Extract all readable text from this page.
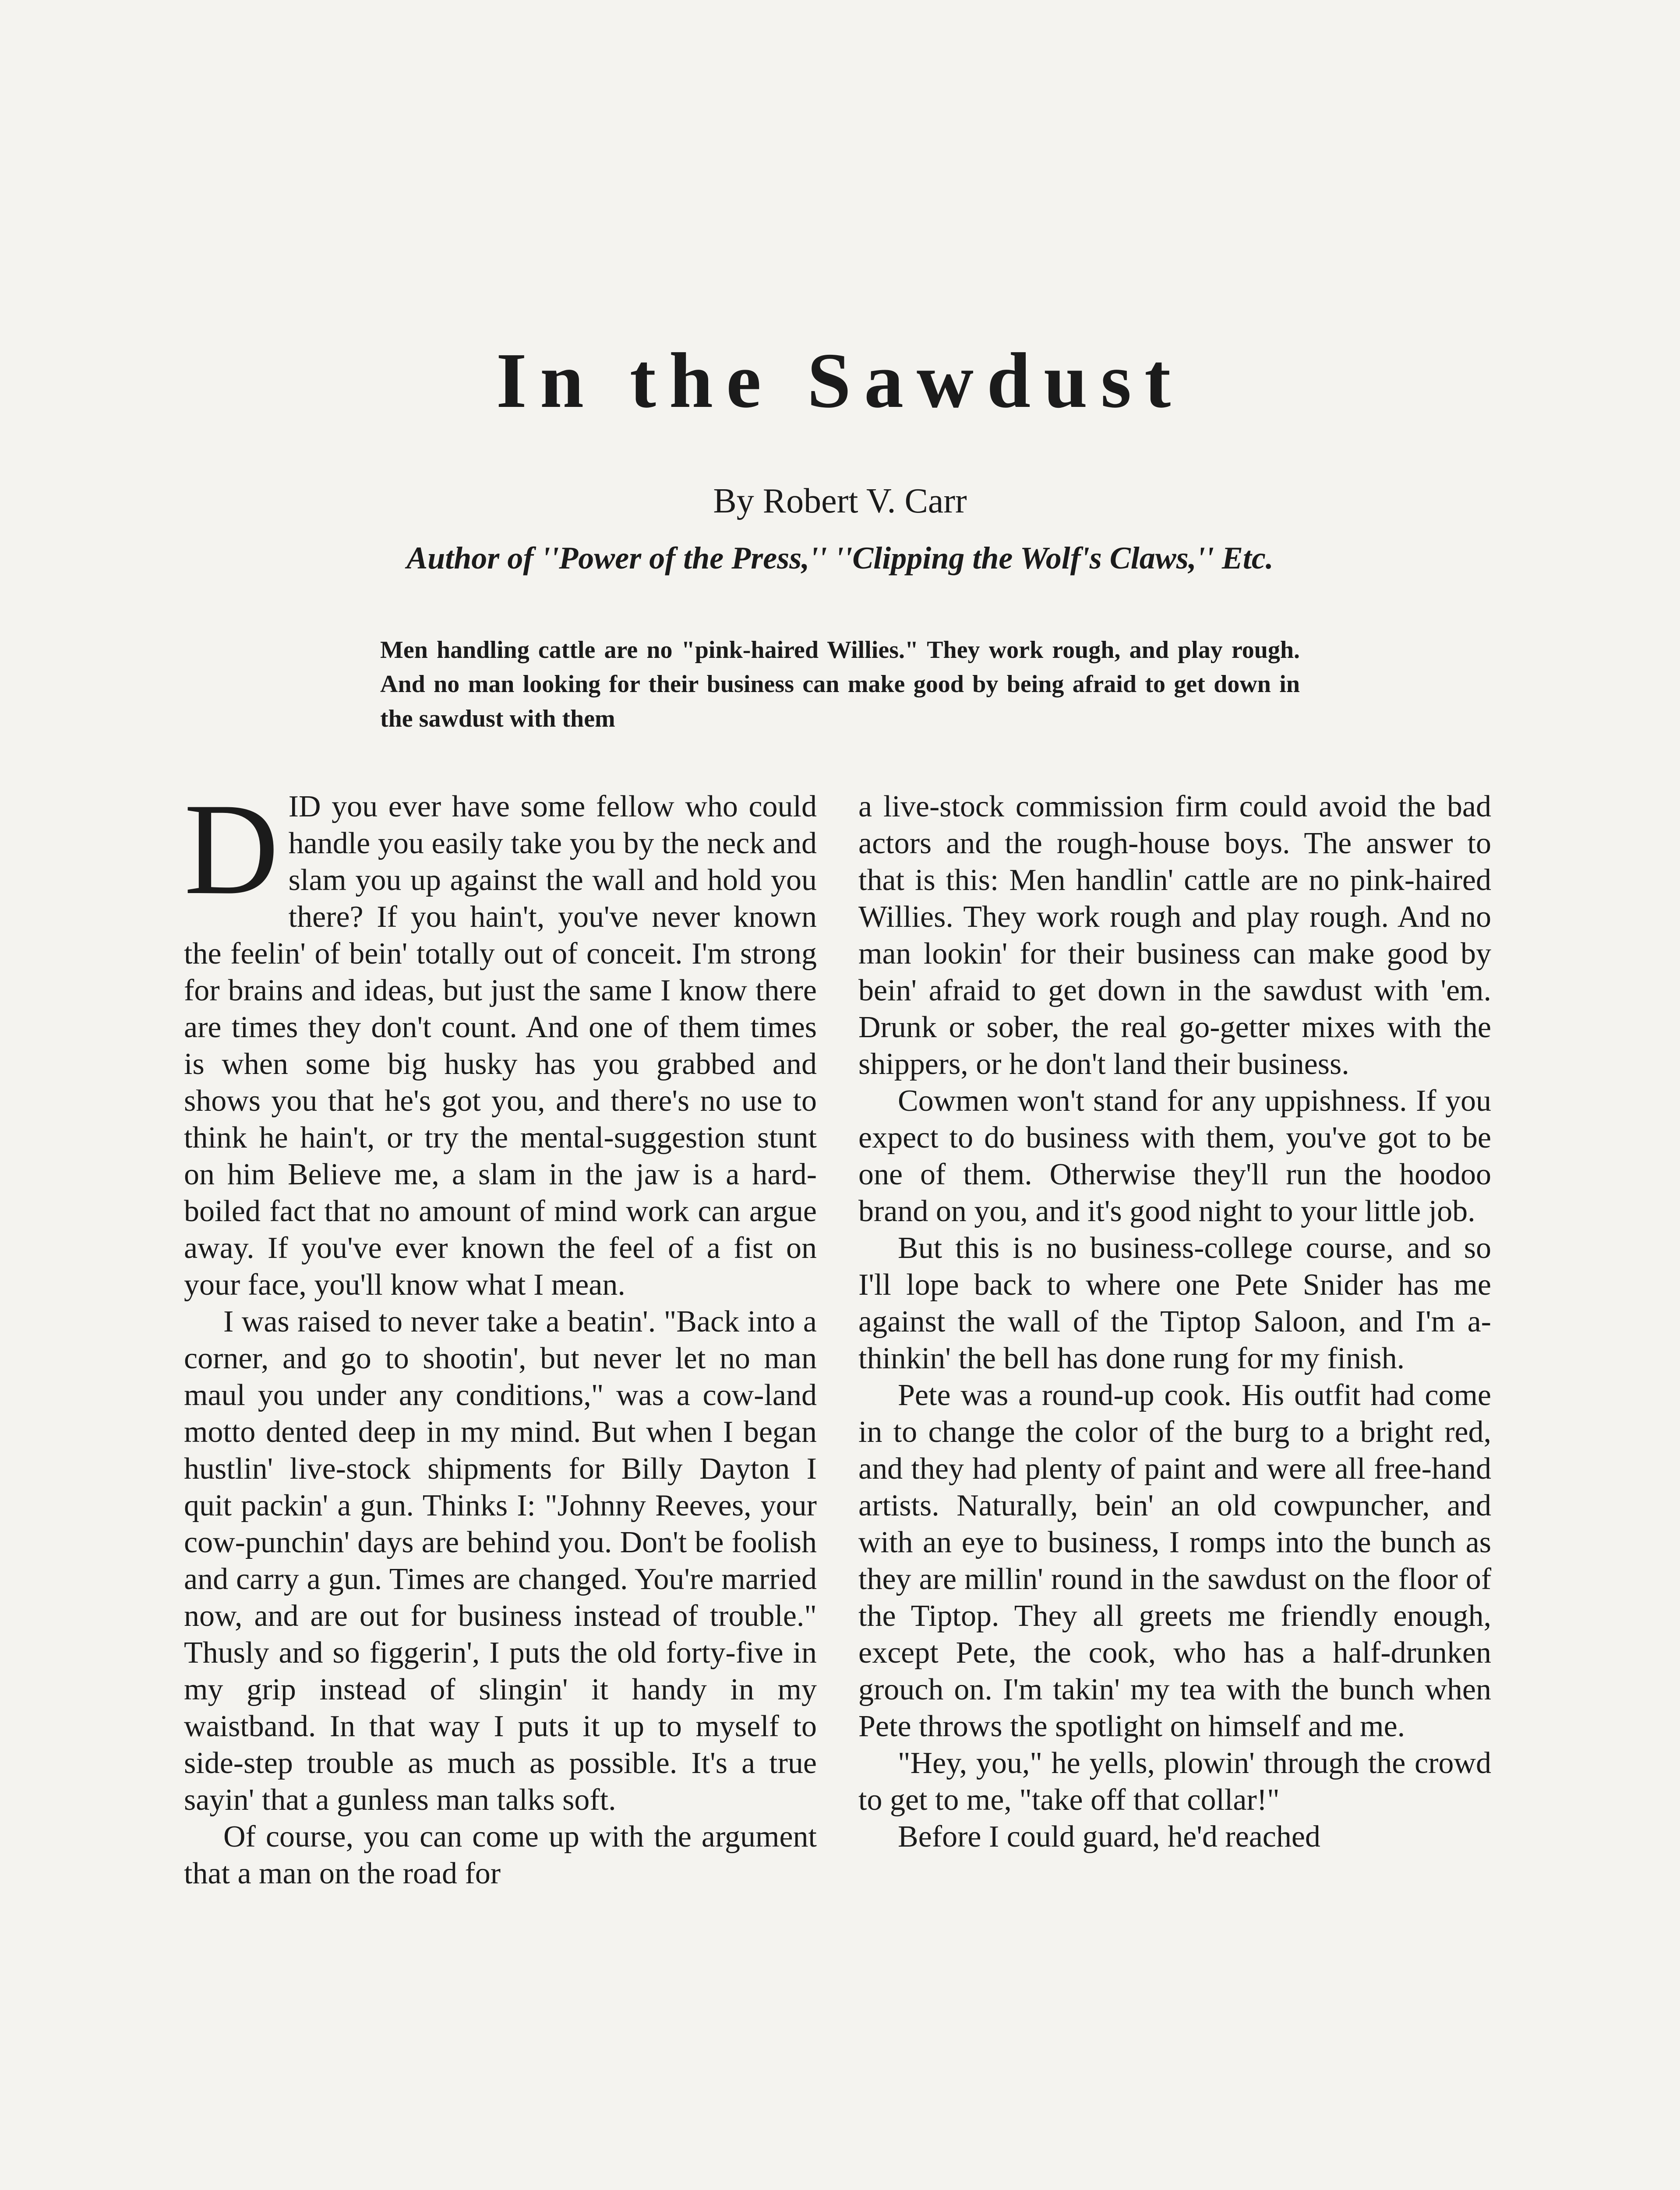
In the Sawdust
By Robert V. Carr
Author of ''Power of the Press,'' ''Clipping the Wolf's Claws,'' Etc.
Men handling cattle are no "pink-haired Willies." They work rough, and play rough. And no man looking for their business can make good by being afraid to get down in the sawdust with them

DID you ever have some fellow who could handle you easily take you by the neck and slam you up against the wall and hold you there? If you hain't, you've never known the feelin' of bein' totally out of conceit. I'm strong for brains and ideas, but just the same I know there are times they don't count. And one of them times is when some big husky has you grabbed and shows you that he's got you, and there's no use to think he hain't, or try the mental-suggestion stunt on him Believe me, a slam in the jaw is a hard-boiled fact that no amount of mind work can argue away. If you've ever known the feel of a fist on your face, you'll know what I mean.

I was raised to never take a beatin'. "Back into a corner, and go to shootin', but never let no man maul you under any conditions," was a cow-land motto dented deep in my mind. But when I began hustlin' live-stock shipments for Billy Dayton I quit packin' a gun. Thinks I: "Johnny Reeves, your cow-punchin' days are behind you. Don't be foolish and carry a gun. Times are changed. You're married now, and are out for business instead of trouble." Thusly and so figgerin', I puts the old forty-five in my grip instead of slingin' it handy in my waistband. In that way I puts it up to myself to side-step trouble as much as possible. It's a true sayin' that a gunless man talks soft.

Of course, you can come up with the argument that a man on the road for

a live-stock commission firm could avoid the bad actors and the rough-house boys. The answer to that is this: Men handlin' cattle are no pink-haired Willies. They work rough and play rough. And no man lookin' for their business can make good by bein' afraid to get down in the sawdust with 'em. Drunk or sober, the real go-getter mixes with the shippers, or he don't land their business.

Cowmen won't stand for any uppishness. If you expect to do business with them, you've got to be one of them. Otherwise they'll run the hoodoo brand on you, and it's good night to your little job.

But this is no business-college course, and so I'll lope back to where one Pete Snider has me against the wall of the Tiptop Saloon, and I'm a-thinkin' the bell has done rung for my finish.

Pete was a round-up cook. His outfit had come in to change the color of the burg to a bright red, and they had plenty of paint and were all free-hand artists. Naturally, bein' an old cowpuncher, and with an eye to business, I romps into the bunch as they are millin' round in the sawdust on the floor of the Tiptop. They all greets me friendly enough, except Pete, the cook, who has a half-drunken grouch on. I'm takin' my tea with the bunch when Pete throws the spotlight on himself and me.

"Hey, you," he yells, plowin' through the crowd to get to me, "take off that collar!"

Before I could guard, he'd reached
